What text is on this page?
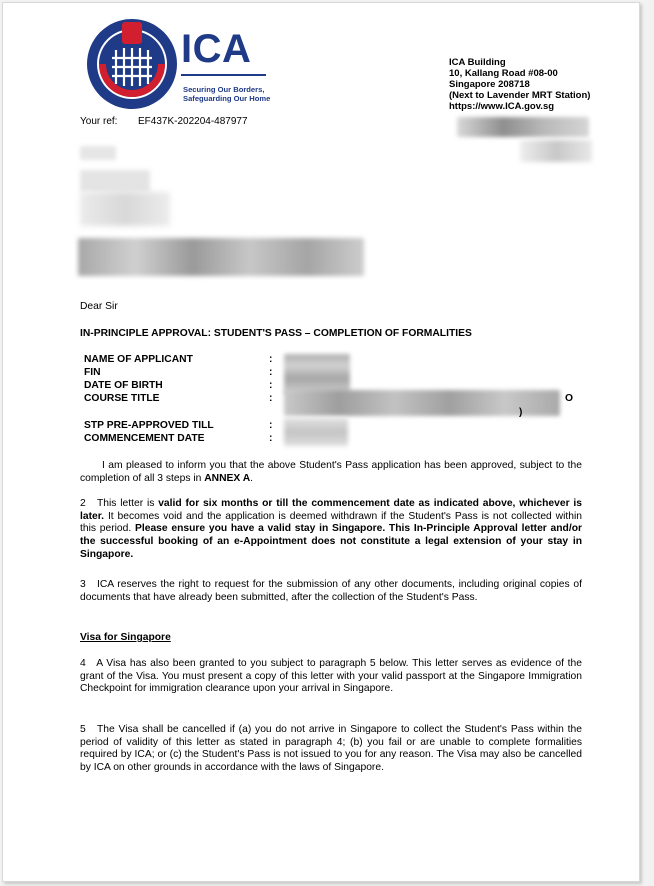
ICA
Securing Our Borders,
Safeguarding Our Home
ICA Building
10, Kallang Road #08-00
Singapore 208718
(Next to Lavender MRT Station)
https://www.ICA.gov.sg
Your ref: EF437K-202204-487977
Dear Sir
IN-PRINCIPLE APPROVAL: STUDENT'S PASS – COMPLETION OF FORMALITIES
NAME OF APPLICANT	:
FIN	:
DATE OF BIRTH	:
COURSE TITLE	:
STP PRE-APPROVED TILL	:
COMMENCEMENT DATE	:
O
)
I am pleased to inform you that the above Student's Pass application has been approved, subject to the completion of all 3 steps in ANNEX A.
2 This letter is valid for six months or till the commencement date as indicated above, whichever is later. It becomes void and the application is deemed withdrawn if the Student's Pass is not collected within this period. Please ensure you have a valid stay in Singapore. This In-Principle Approval letter and/or the successful booking of an e-Appointment does not constitute a legal extension of your stay in Singapore.
3 ICA reserves the right to request for the submission of any other documents, including original copies of documents that have already been submitted, after the collection of the Student's Pass.
Visa for Singapore
4 A Visa has also been granted to you subject to paragraph 5 below. This letter serves as evidence of the grant of the Visa. You must present a copy of this letter with your valid passport at the Singapore Immigration Checkpoint for immigration clearance upon your arrival in Singapore.
5 The Visa shall be cancelled if (a) you do not arrive in Singapore to collect the Student's Pass within the period of validity of this letter as stated in paragraph 4; (b) you fail or are unable to complete formalities required by ICA; or (c) the Student's Pass is not issued to you for any reason. The Visa may also be cancelled by ICA on other grounds in accordance with the laws of Singapore.
